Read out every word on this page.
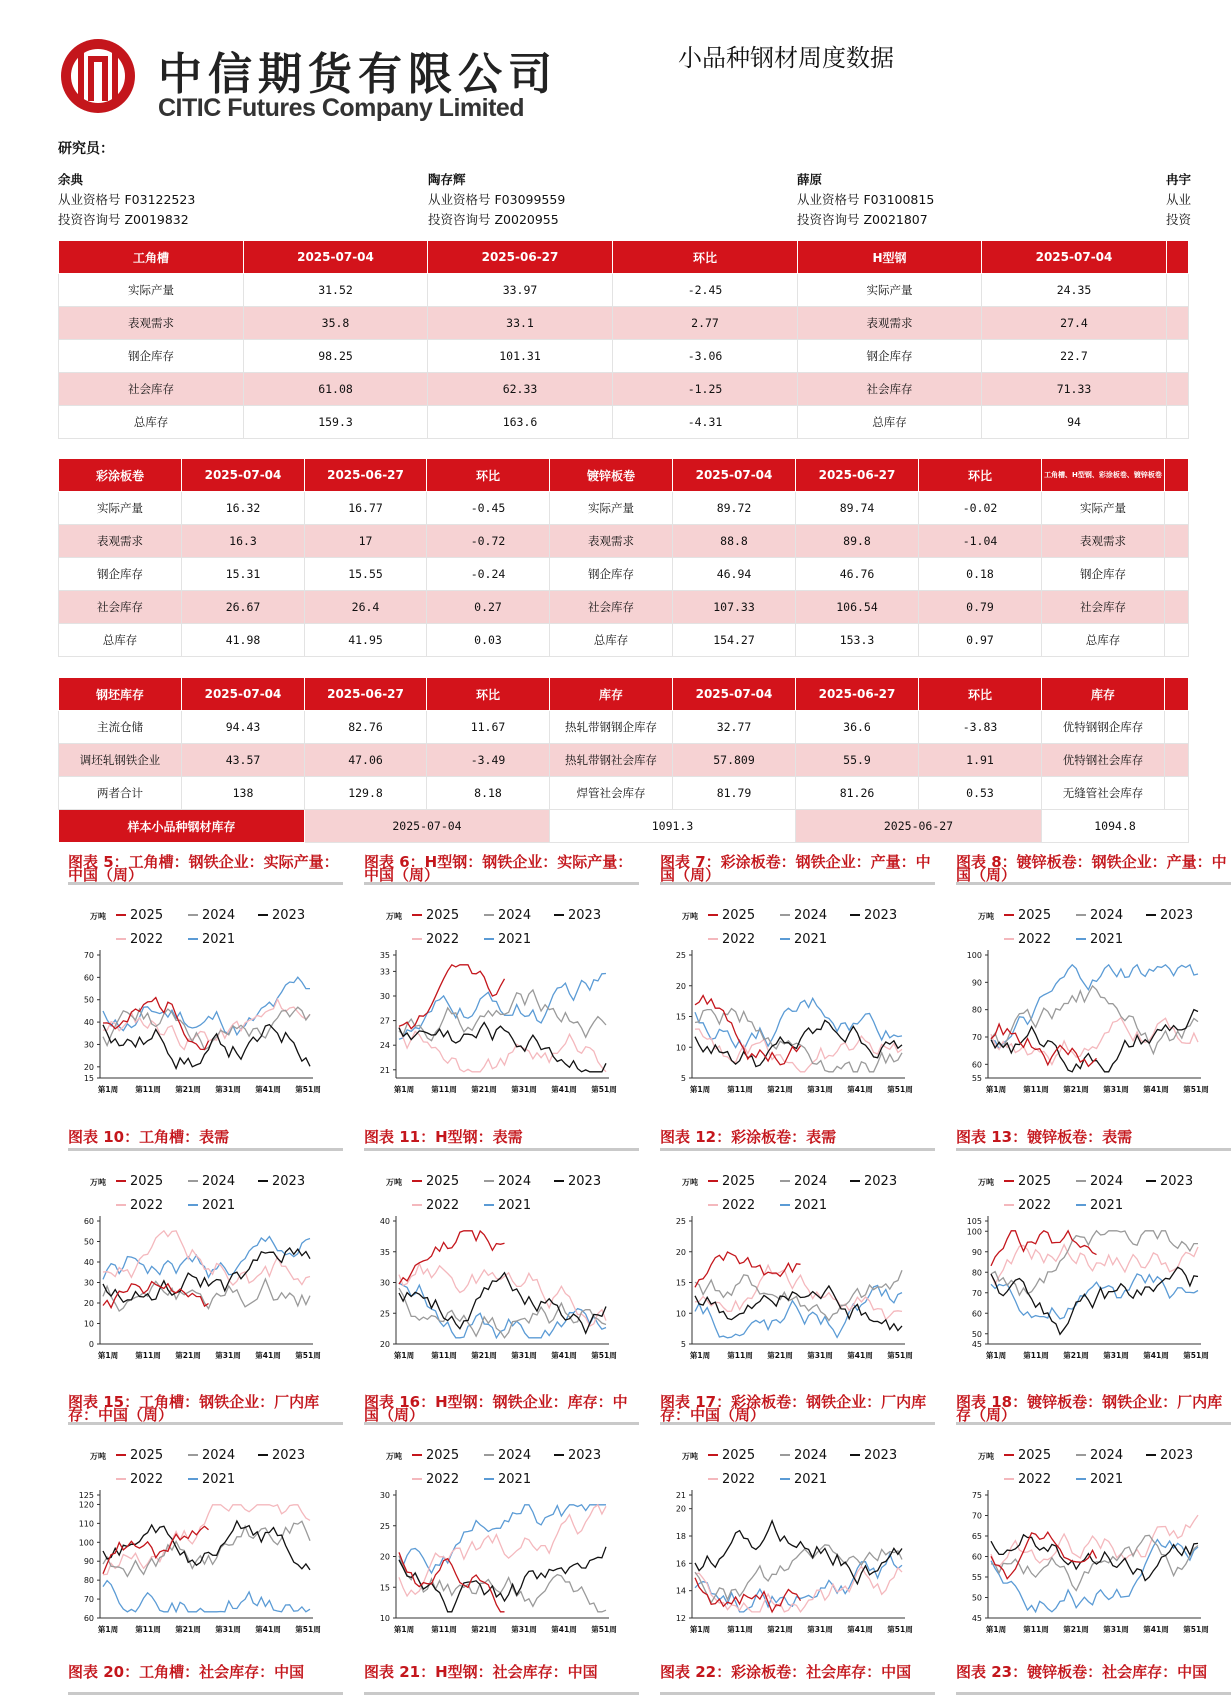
中信期货有限公司
CITIC Futures Company Limited
小品种钢材周度数据
研究员：
余典
从业资格号 F03122523
投资咨询号 Z0019832
陶存辉
从业资格号 F03099559
投资咨询号 Z0020955
薛原
从业资格号 F03100815
投资咨询号 Z0021807
冉宇
从业
投资
工角槽	2025-07-04	2025-06-27	环比	H型钢	2025-07-04	
实际产量	31.52	33.97	-2.45	实际产量	24.35	
表观需求	35.8	33.1	2.77	表观需求	27.4	
钢企库存	98.25	101.31	-3.06	钢企库存	22.7	
社会库存	61.08	62.33	-1.25	社会库存	71.33	
总库存	159.3	163.6	-4.31	总库存	94	
彩涂板卷	2025-07-04	2025-06-27	环比	镀锌板卷	2025-07-04	2025-06-27	环比	工角槽、H型钢、彩涂板卷、镀锌板卷	
实际产量	16.32	16.77	-0.45	实际产量	89.72	89.74	-0.02	实际产量	
表观需求	16.3	17	-0.72	表观需求	88.8	89.8	-1.04	表观需求	
钢企库存	15.31	15.55	-0.24	钢企库存	46.94	46.76	0.18	钢企库存	
社会库存	26.67	26.4	0.27	社会库存	107.33	106.54	0.79	社会库存	
总库存	41.98	41.95	0.03	总库存	154.27	153.3	0.97	总库存	
钢坯库存	2025-07-04	2025-06-27	环比	库存	2025-07-04	2025-06-27	环比	库存	
主流仓储	94.43	82.76	11.67	热轧带钢钢企库存	32.77	36.6	-3.83	优特钢钢企库存	
调坯轧钢铁企业	43.57	47.06	-3.49	热轧带钢社会库存	57.809	55.9	1.91	优特钢社会库存	
两者合计	138	129.8	8.18	焊管社会库存	81.79	81.26	0.53	无缝管社会库存	
样本小品种钢材库存		2025-07-04		1091.3		2025-06-27		1094.8	
图表 5：工角槽：钢铁企业：实际产量：中国（周）
万吨 2025	2024	2023
2022	2021
70
60
50
40
30
20
15
第1周 第11周 第21周 第31周 第41周 第51周
图表 6：H型钢：钢铁企业：实际产量：中国（周）
万吨 2025	2024	2023
2022	2021
35
33
30
27
24
21
第1周 第11周 第21周 第31周 第41周 第51周
图表 7：彩涂板卷：钢铁企业：产量：中国（周）
万吨 2025	2024	2023
2022	2021
25
20
15
10
5
第1周 第11周 第21周 第31周 第41周 第51周
图表 8：镀锌板卷：钢铁企业：产量：中国（周）
万吨 2025	2024	2023
2022	2021
100
90
80
70
60
55
第1周 第11周 第21周 第31周 第41周 第51周
图表 10：工角槽：表需
万吨 2025	2024	2023
2022	2021
60
50
40
30
20
10
0
第1周 第11周 第21周 第31周 第41周 第51周
图表 11：H型钢：表需
万吨 2025	2024	2023
2022	2021
40
35
30
25
20
第1周 第11周 第21周 第31周 第41周 第51周
图表 12：彩涂板卷：表需
万吨 2025	2024	2023
2022	2021
25
20
15
10
5
第1周 第11周 第21周 第31周 第41周 第51周
图表 13：镀锌板卷：表需
万吨 2025	2024	2023
2022	2021
105
100
90
80
70
60
50
45
第1周 第11周 第21周 第31周 第41周 第51周
图表 15：工角槽：钢铁企业：厂内库存：中国（周）
万吨 2025	2024	2023
2022	2021
125
120
110
100
90
80
70
60
第1周 第11周 第21周 第31周 第41周 第51周
图表 16：H型钢：钢铁企业：库存：中国（周）
万吨 2025	2024	2023
2022	2021
30
25
20
15
10
第1周 第11周 第21周 第31周 第41周 第51周
图表 17：彩涂板卷：钢铁企业：厂内库存：中国（周）
万吨 2025	2024	2023
2022	2021
21
20
18
16
14
12
第1周 第11周 第21周 第31周 第41周 第51周
图表 18：镀锌板卷：钢铁企业：厂内库存（周）
万吨 2025	2024	2023
2022	2021
75
70
65
60
55
50
45
第1周 第11周 第21周 第31周 第41周 第51周
图表 20：工角槽：社会库存：中国	图表 21：H型钢：社会库存：中国	图表 22：彩涂板卷：社会库存：中国	图表 23：镀锌板卷：社会库存：中国
